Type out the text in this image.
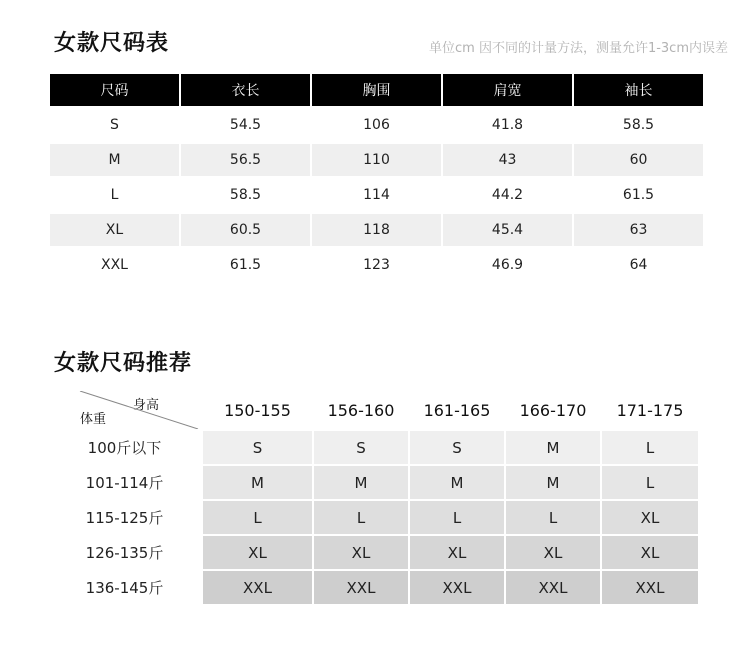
女款尺码表	单位cm 因不同的计量方法，测量允许1-3cm内误差
尺码	衣长	胸围	肩宽	袖长
S	54.5	106	41.8	58.5
M	56.5	110	43	60
L	58.5	114	44.2	61.5
XL	60.5	118	45.4	63
XXL	61.5	123	46.9	64
女款尺码推荐
身高
体重	150-155	156-160	161-165	166-170	171-175
100斤以下	S	S	S	M	L
101-114斤	M	M	M	M	L
115-125斤	L	L	L	L	XL
126-135斤	XL	XL	XL	XL	XL
136-145斤	XXL	XXL	XXL	XXL	XXL
